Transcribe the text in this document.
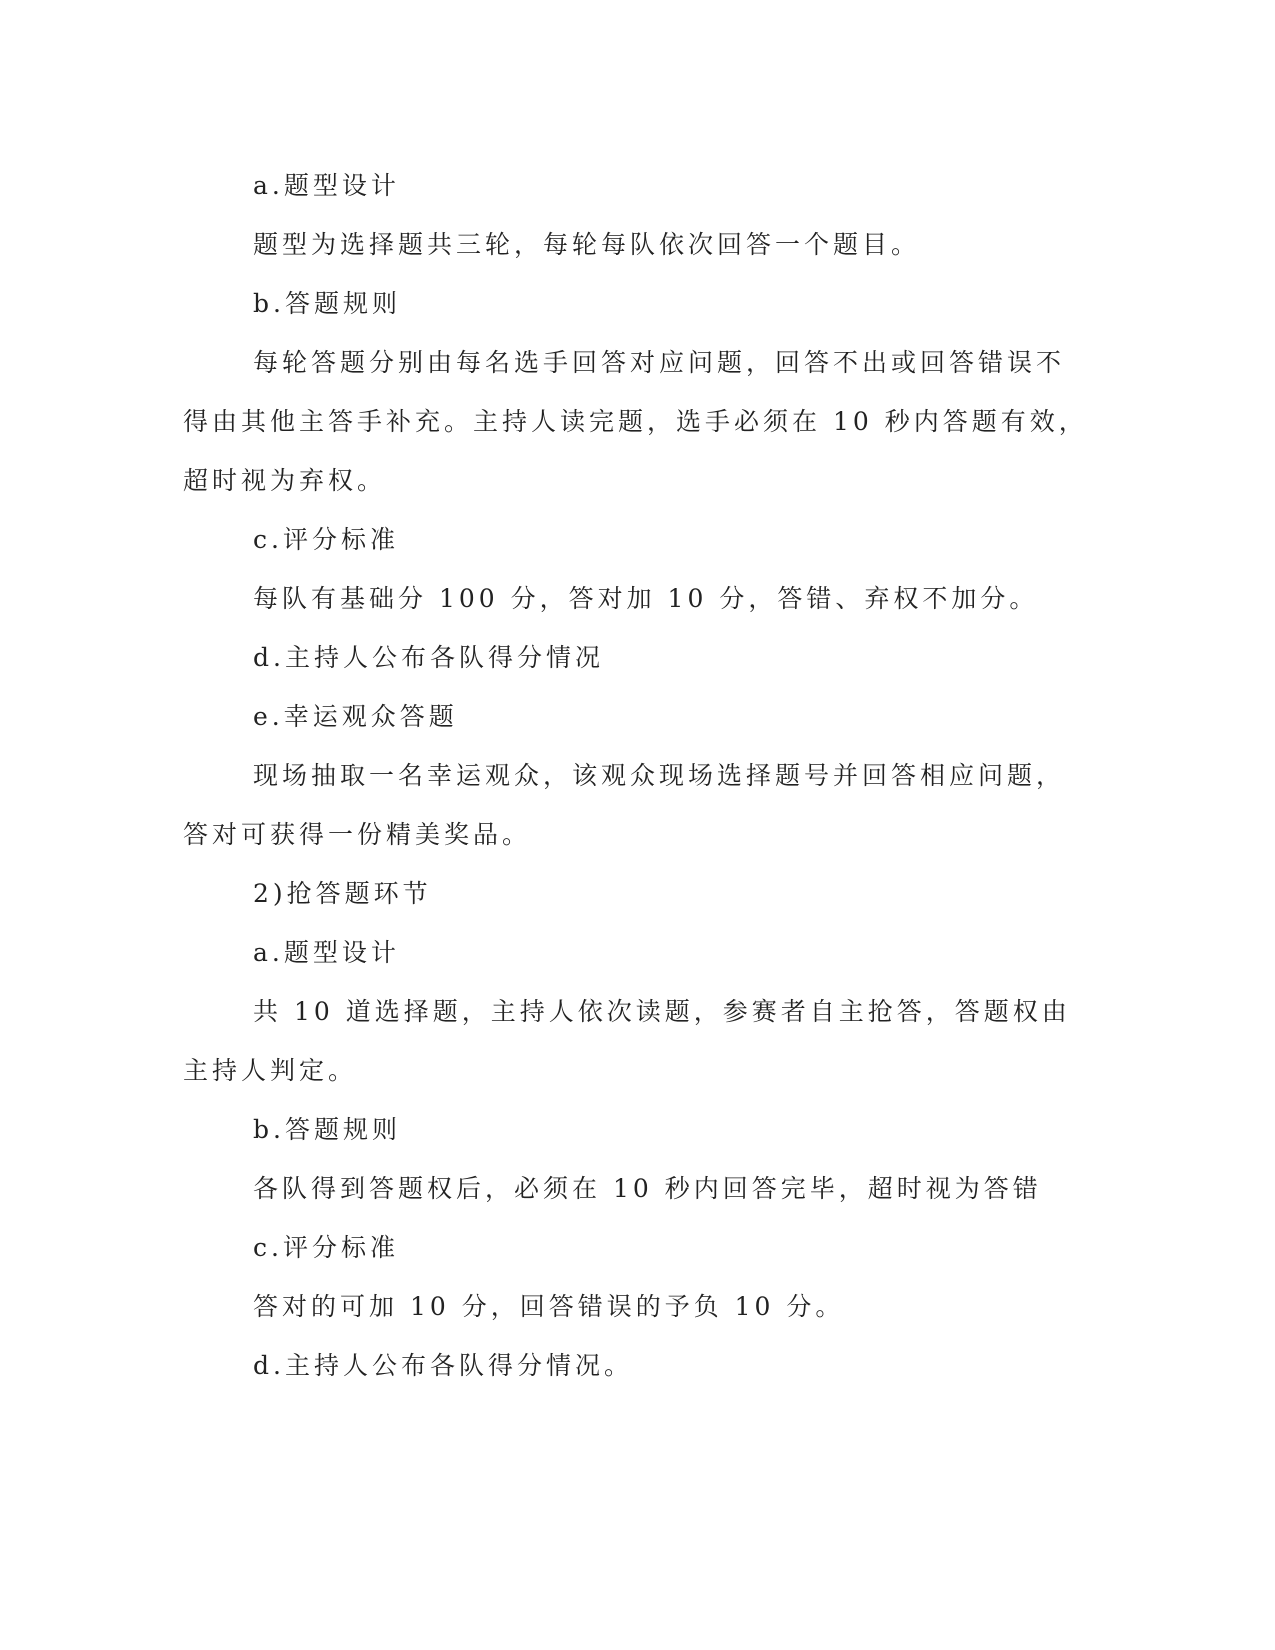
a.题型设计
题型为选择题共三轮，每轮每队依次回答一个题目。
b.答题规则
每轮答题分别由每名选手回答对应问题，回答不出或回答错误不
得由其他主答手补充。主持人读完题，选手必须在 10 秒内答题有效，
超时视为弃权。
c.评分标准
每队有基础分 100 分，答对加 10 分，答错、弃权不加分。
d.主持人公布各队得分情况
e.幸运观众答题
现场抽取一名幸运观众，该观众现场选择题号并回答相应问题，
答对可获得一份精美奖品。
2)抢答题环节
a.题型设计
共 10 道选择题，主持人依次读题，参赛者自主抢答，答题权由
主持人判定。
b.答题规则
各队得到答题权后，必须在 10 秒内回答完毕，超时视为答错
c.评分标准
答对的可加 10 分，回答错误的予负 10 分。
d.主持人公布各队得分情况。
